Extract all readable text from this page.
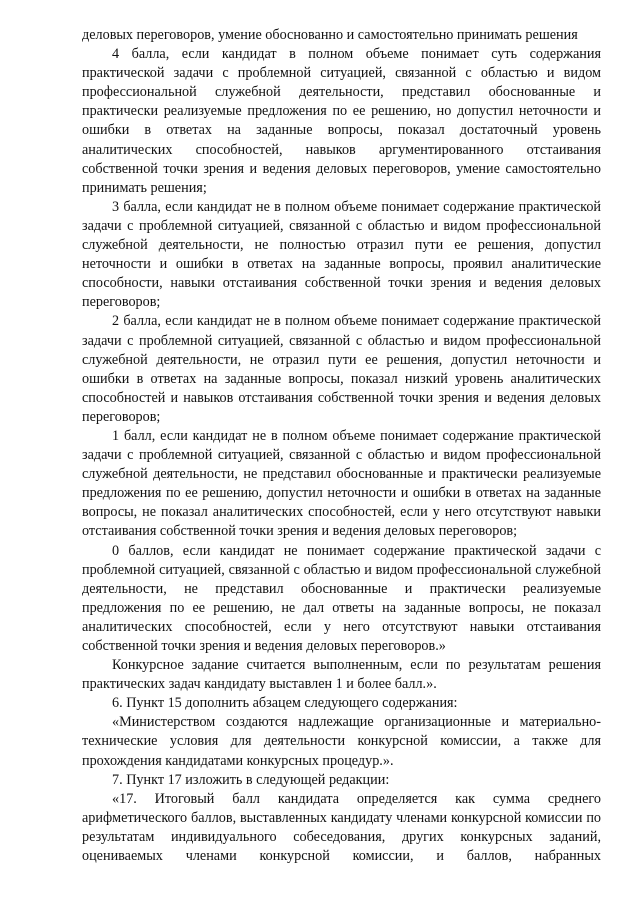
деловых переговоров, умение обоснованно и самостоятельно принимать решения

4 балла, если кандидат в полном объеме понимает суть содержания практической задачи с проблемной ситуацией, связанной с областью и видом профессиональной служебной деятельности, представил обоснованные и практически реализуемые предложения по ее решению, но допустил неточности и ошибки в ответах на заданные вопросы, показал достаточный уровень аналитических способностей, навыков аргументированного отстаивания собственной точки зрения и ведения деловых переговоров, умение самостоятельно принимать решения;

3 балла, если кандидат не в полном объеме понимает содержание практической задачи с проблемной ситуацией, связанной с областью и видом профессиональной служебной деятельности, не полностью отразил пути ее решения, допустил неточности и ошибки в ответах на заданные вопросы, проявил аналитические способности, навыки отстаивания собственной точки зрения и ведения деловых переговоров;

2 балла, если кандидат не в полном объеме понимает содержание практической задачи с проблемной ситуацией, связанной с областью и видом профессиональной служебной деятельности, не отразил пути ее решения, допустил неточности и ошибки в ответах на заданные вопросы, показал низкий уровень аналитических способностей и навыков отстаивания собственной точки зрения и ведения деловых переговоров;

1 балл, если кандидат не в полном объеме понимает содержание практической задачи с проблемной ситуацией, связанной с областью и видом профессиональной служебной деятельности, не представил обоснованные и практически реализуемые предложения по ее решению, допустил неточности и ошибки в ответах на заданные вопросы, не показал аналитических способностей, если у него отсутствуют навыки отстаивания собственной точки зрения и ведения деловых переговоров;

0 баллов, если кандидат не понимает содержание практической задачи с проблемной ситуацией, связанной с областью и видом профессиональной служебной деятельности, не представил обоснованные и практически реализуемые предложения по ее решению, не дал ответы на заданные вопросы, не показал аналитических способностей, если у него отсутствуют навыки отстаивания собственной точки зрения и ведения деловых переговоров.»

Конкурсное задание считается выполненным, если по результатам решения практических задач кандидату выставлен 1 и более балл.».

6. Пункт 15 дополнить абзацем следующего содержания:

«Министерством создаются надлежащие организационные и материально-технические условия для деятельности конкурсной комиссии, а также для прохождения кандидатами конкурсных процедур.».

7. Пункт 17 изложить в следующей редакции:

«17. Итоговый балл кандидата определяется как сумма среднего арифметического баллов, выставленных кандидату членами конкурсной комиссии по результатам индивидуального собеседования, других конкурсных заданий, оцениваемых членами конкурсной комиссии, и баллов, набранных
